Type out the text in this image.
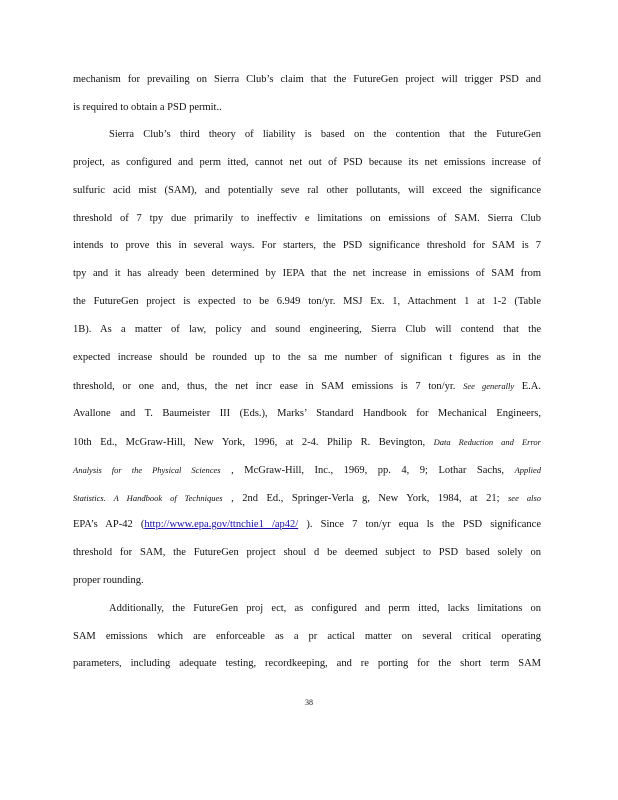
mechanism for prevailing on Sierra Club’s claim that the FutureGen project will trigger PSD and
is required to obtain a PSD permit..
Sierra Club’s third theory of liability is based on the contention that the FutureGen
project, as configured and perm itted, cannot net out of PSD because its net emissions increase of
sulfuric acid mist (SAM), and potentially seve ral other pollutants, will exceed the significance
threshold of 7 tpy due primarily to ineffectiv e limitations on emissions of SAM. Sierra Club
intends to prove this in several ways. For starters, the PSD significance threshold for SAM is 7
tpy and it has already been determined by IEPA that the net increase in emissions of SAM from
the FutureGen project is expected to be 6.949 ton/yr. MSJ Ex. 1, Attachment 1 at 1-2 (Table
1B). As a matter of law, policy and sound engineering, Sierra Club will contend that the
expected increase should be rounded up to the sa me number of significan t figures as in the
threshold, or one and, thus, the net incr ease in SAM emissions is 7 ton/yr. See generally E.A.
Avallone and T. Baumeister III (Eds.), Marks’ Standard Handbook for Mechanical Engineers,
10th Ed., McGraw-Hill, New York, 1996, at 2-4. Philip R. Bevington, Data Reduction and Error
Analysis for the Physical Sciences , McGraw-Hill, Inc., 1969, pp. 4, 9; Lothar Sachs, Applied
Statistics. A Handbook of Techniques , 2nd Ed., Springer-Verla g, New York, 1984, at 21; see also
EPA’s AP-42 (http://www.epa.gov/ttnchie1 /ap42/ ). Since 7 ton/yr equa ls the PSD significance
threshold for SAM, the FutureGen project shoul d be deemed subject to PSD based solely on
proper rounding.
Additionally, the FutureGen proj ect, as configured and perm itted, lacks limitations on
SAM emissions which are enforceable as a pr actical matter on several critical operating
parameters, including adequate testing, recordkeeping, and re porting for the short term SAM
38
